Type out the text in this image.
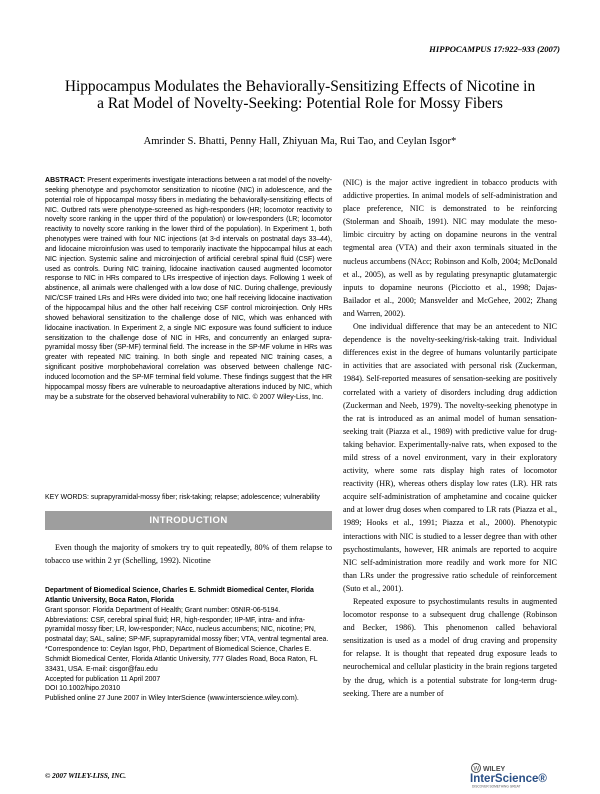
HIPPOCAMPUS 17:922–933 (2007)
Hippocampus Modulates the Behaviorally-Sensitizing Effects of Nicotine in a Rat Model of Novelty-Seeking: Potential Role for Mossy Fibers
Amrinder S. Bhatti, Penny Hall, Zhiyuan Ma, Rui Tao, and Ceylan Isgor*
ABSTRACT: Present experiments investigate interactions between a rat model of the novelty-seeking phenotype and psychomotor sensitization to nicotine (NIC) in adolescence, and the potential role of hippocampal mossy fibers in mediating the behaviorally-sensitizing effects of NIC. Outbred rats were phenotype-screened as high-responders (HR; locomotor reactivity to novelty score ranking in the upper third of the population) or low-responders (LR; locomotor reactivity to novelty score ranking in the lower third of the population). In Experiment 1, both phenotypes were trained with four NIC injections (at 3-d intervals on postnatal days 33–44), and lidocaine microinfusion was used to temporarily inactivate the hippocampal hilus at each NIC injection. Systemic saline and microinjection of artificial cerebral spinal fluid (CSF) were used as controls. During NIC training, lidocaine inactivation caused augmented locomotor response to NIC in HRs compared to LRs irrespective of injection days. Following 1 week of abstinence, all animals were challenged with a low dose of NIC. During challenge, previously NIC/CSF trained LRs and HRs were divided into two; one half receiving lidocaine inactivation of the hippocampal hilus and the other half receiving CSF control microinjection. Only HRs showed behavioral sensitization to the challenge dose of NIC, which was enhanced with lidocaine inactivation. In Experiment 2, a single NIC exposure was found sufficient to induce sensitization to the challenge dose of NIC in HRs, and concurrently an enlarged supra-pyramidal mossy fiber (SP-MF) terminal field. The increase in the SP-MF volume in HRs was greater with repeated NIC training. In both single and repeated NIC training cases, a significant positive morphobehavioral correlation was observed between challenge NIC-induced locomotion and the SP-MF terminal field volume. These findings suggest that the HR hippocampal mossy fibers are vulnerable to neuroadaptive alterations induced by NIC, which may be a substrate for the observed behavioral vulnerability to NIC. © 2007 Wiley-Liss, Inc.
KEY WORDS: suprapyramidal-mossy fiber; risk-taking; relapse; adolescence; vulnerability
INTRODUCTION
Even though the majority of smokers try to quit repeatedly, 80% of them relapse to tobacco use within 2 yr (Schelling, 1992). Nicotine

Department of Biomedical Science, Charles E. Schmidt Biomedical Center, Florida Atlantic University, Boca Raton, Florida

Grant sponsor: Florida Department of Health; Grant number: 05NIR-06-5194.

Abbreviations: CSF, cerebral spinal fluid; HR, high-responder; IIP-MF, intra- and infra-pyramidal mossy fiber; LR, low-responder; NAcc, nucleus accumbens; NIC, nicotine; PN, postnatal day; SAL, saline; SP-MF, suprapyramidal mossy fiber; VTA, ventral tegmental area.

*Correspondence to: Ceylan Isgor, PhD, Department of Biomedical Science, Charles E. Schmidt Biomedical Center, Florida Atlantic University, 777 Glades Road, Boca Raton, FL 33431, USA. E-mail: cisgor@fau.edu

Accepted for publication 11 April 2007

DOI 10.1002/hipo.20310

Published online 27 June 2007 in Wiley InterScience (www.interscience.wiley.com).

© 2007 WILEY-LISS, INC.

(NIC) is the major active ingredient in tobacco products with addictive properties. In animal models of self-administration and place preference, NIC is demonstrated to be reinforcing (Stolerman and Shoaib, 1991). NIC may modulate the meso-limbic circuitry by acting on dopamine neurons in the ventral tegmental area (VTA) and their axon terminals situated in the nucleus accumbens (NAcc; Robinson and Kolb, 2004; McDonald et al., 2005), as well as by regulating presynaptic glutamatergic inputs to dopamine neurons (Picciotto et al., 1998; Dajas-Bailador et al., 2000; Mansvelder and McGehee, 2002; Zhang and Warren, 2002).

One individual difference that may be an antecedent to NIC dependence is the novelty-seeking/risk-taking trait. Individual differences exist in the degree of humans voluntarily participate in activities that are associated with personal risk (Zuckerman, 1984). Self-reported measures of sensation-seeking are positively correlated with a variety of disorders including drug addiction (Zuckerman and Neeb, 1979). The novelty-seeking phenotype in the rat is introduced as an animal model of human sensation-seeking trait (Piazza et al., 1989) with predictive value for drug-taking behavior. Experimentally-naïve rats, when exposed to the mild stress of a novel environment, vary in their exploratory activity, where some rats display high rates of locomotor reactivity (HR), whereas others display low rates (LR). HR rats acquire self-administration of amphetamine and cocaine quicker and at lower drug doses when compared to LR rats (Piazza et al., 1989; Hooks et al., 1991; Piazza et al., 2000). Phenotypic interactions with NIC is studied to a lesser degree than with other psychostimulants, however, HR animals are reported to acquire NIC self-administration more readily and work more for NIC than LRs under the progressive ratio schedule of reinforcement (Suto et al., 2001).

Repeated exposure to psychostimulants results in augmented locomotor response to a subsequent drug challenge (Robinson and Becker, 1986). This phenomenon called behavioral sensitization is used as a model of drug craving and propensity for relapse. It is thought that repeated drug exposure leads to neurochemical and cellular plasticity in the brain regions targeted by the drug, which is a potential substrate for long-term drug-seeking. There are a number of

W WILEY
InterScience®
DISCOVER SOMETHING GREAT
